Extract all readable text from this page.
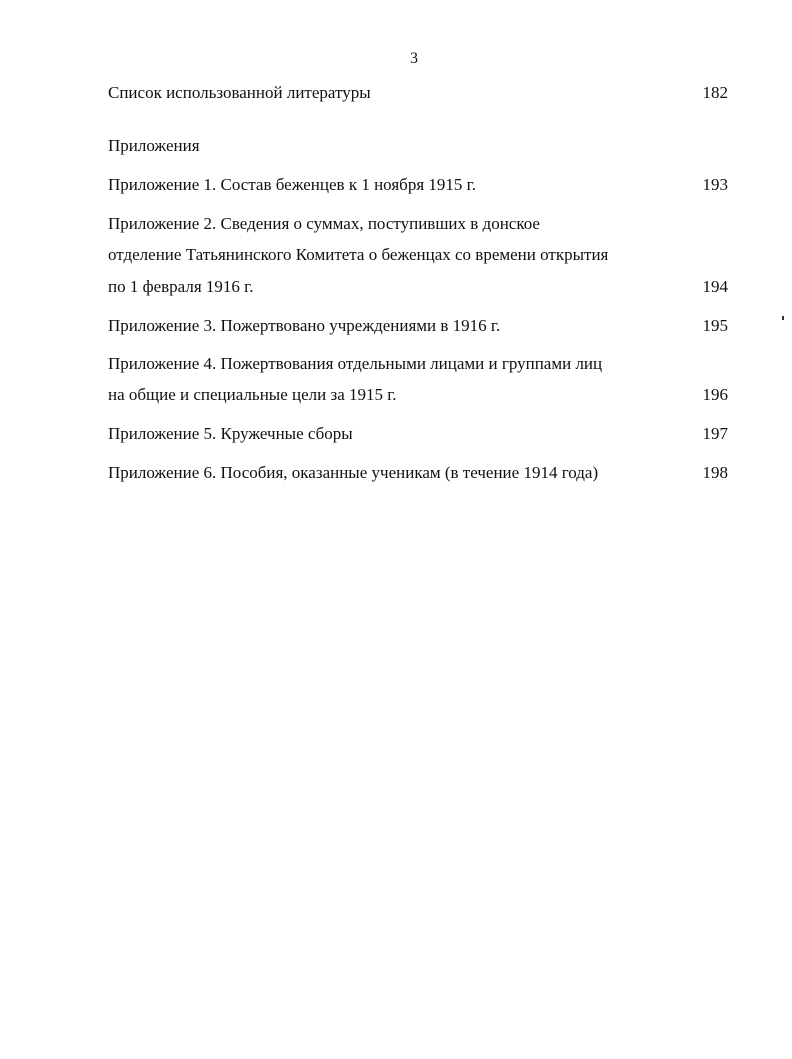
3
Список использованной литературы	182
Приложения
Приложение 1. Состав беженцев к 1 ноября 1915 г.	193
Приложение 2. Сведения о суммах, поступивших в донское
отделение Татьянинского Комитета о беженцах со времени открытия
по 1 февраля 1916 г.	194
Приложение 3. Пожертвовано учреждениями в 1916 г.	195
Приложение 4. Пожертвования отдельными лицами и группами лиц
на общие и специальные цели за 1915 г.	196
Приложение 5. Кружечные сборы	197
Приложение 6. Пособия, оказанные ученикам (в течение 1914 года)	198
